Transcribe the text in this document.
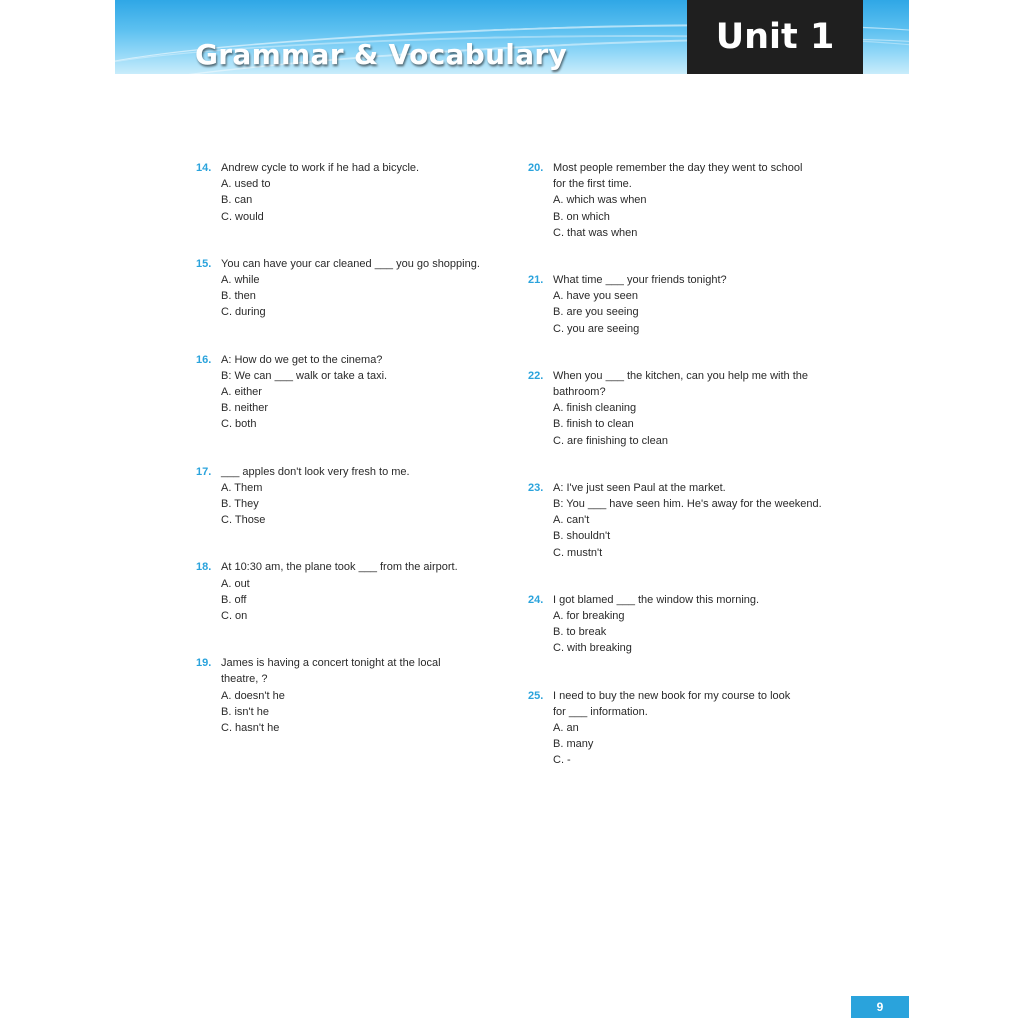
Grammar & Vocabulary	Unit 1
14. Andrew cycle to work if he had a bicycle.
A. used to
B. can
C. would
15. You can have your car cleaned ___ you go shopping.
A. while
B. then
C. during
16. A: How do we get to the cinema?
B: We can ___ walk or take a taxi.
A. either
B. neither
C. both
17. ___ apples don't look very fresh to me.
A. Them
B. They
C. Those
18. At 10:30 am, the plane took ___ from the airport.
A. out
B. off
C. on
19. James is having a concert tonight at the local
theatre, ?
A. doesn't he
B. isn't he
C. hasn't he
20. Most people remember the day they went to school
for the first time.
A. which was when
B. on which
C. that was when
21. What time ___ your friends tonight?
A. have you seen
B. are you seeing
C. you are seeing
22. When you ___ the kitchen, can you help me with the
bathroom?
A. finish cleaning
B. finish to clean
C. are finishing to clean
23. A: I've just seen Paul at the market.
B: You ___ have seen him. He's away for the weekend.
A. can't
B. shouldn't
C. mustn't
24. I got blamed ___ the window this morning.
A. for breaking
B. to break
C. with breaking
25. I need to buy the new book for my course to look
for ___ information.
A. an
B. many
C. -
9
